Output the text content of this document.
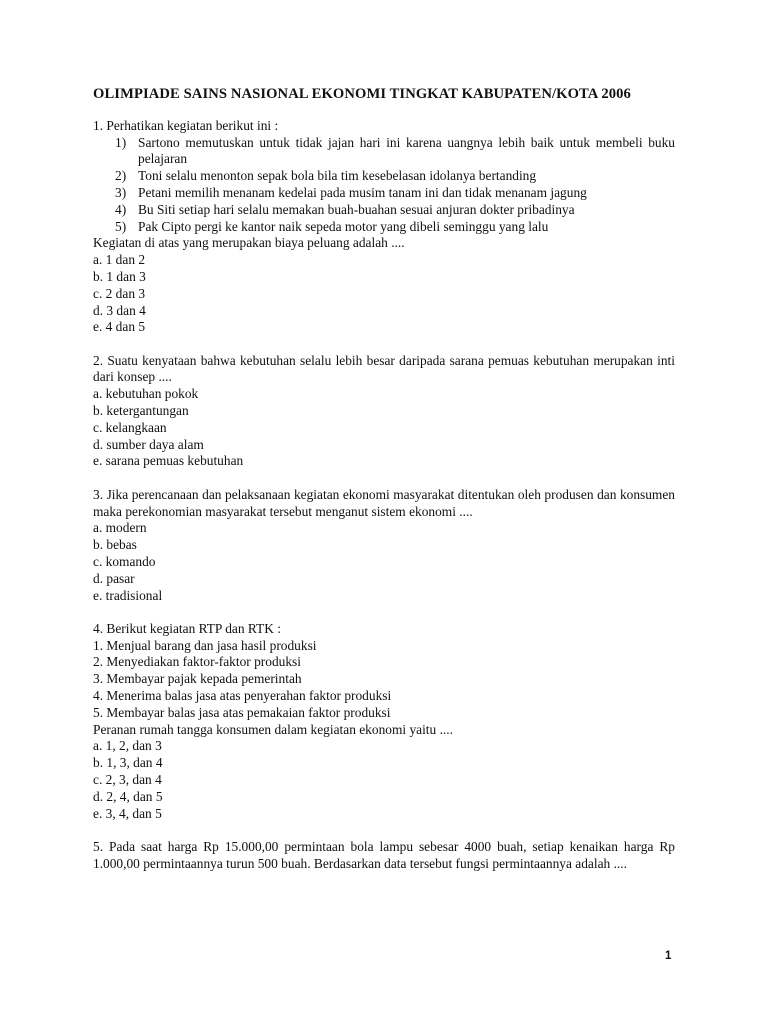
OLIMPIADE SAINS NASIONAL EKONOMI TINGKAT KABUPATEN/KOTA 2006
1. Perhatikan kegiatan berikut ini :
1) Sartono memutuskan untuk tidak jajan hari ini karena uangnya lebih baik untuk membeli buku pelajaran
2) Toni selalu menonton sepak bola bila tim kesebelasan idolanya bertanding
3) Petani memilih menanam kedelai pada musim tanam ini dan tidak menanam jagung
4) Bu Siti setiap hari selalu memakan buah-buahan sesuai anjuran dokter pribadinya
5) Pak Cipto pergi ke kantor naik sepeda motor yang dibeli seminggu yang lalu
Kegiatan di atas yang merupakan biaya peluang adalah ....
a. 1 dan 2
b. 1 dan 3
c. 2 dan 3
d. 3 dan 4
e. 4 dan 5
2. Suatu kenyataan bahwa kebutuhan selalu lebih besar daripada sarana pemuas kebutuhan merupakan inti dari konsep ....
a. kebutuhan pokok
b. ketergantungan
c. kelangkaan
d. sumber daya alam
e. sarana pemuas kebutuhan
3. Jika perencanaan dan pelaksanaan kegiatan ekonomi masyarakat ditentukan oleh produsen dan konsumen maka perekonomian masyarakat tersebut menganut sistem ekonomi ....
a. modern
b. bebas
c. komando
d. pasar
e. tradisional
4. Berikut kegiatan RTP dan RTK :
1. Menjual barang dan jasa hasil produksi
2. Menyediakan faktor-faktor produksi
3. Membayar pajak kepada pemerintah
4. Menerima balas jasa atas penyerahan faktor produksi
5. Membayar balas jasa atas pemakaian faktor produksi
Peranan rumah tangga konsumen dalam kegiatan ekonomi yaitu ....
a. 1, 2, dan 3
b. 1, 3, dan 4
c. 2, 3, dan 4
d. 2, 4, dan 5
e. 3, 4, dan 5
5. Pada saat harga Rp 15.000,00 permintaan bola lampu sebesar 4000 buah, setiap kenaikan harga Rp 1.000,00 permintaannya turun 500 buah. Berdasarkan data tersebut fungsi permintaannya adalah ....
1
